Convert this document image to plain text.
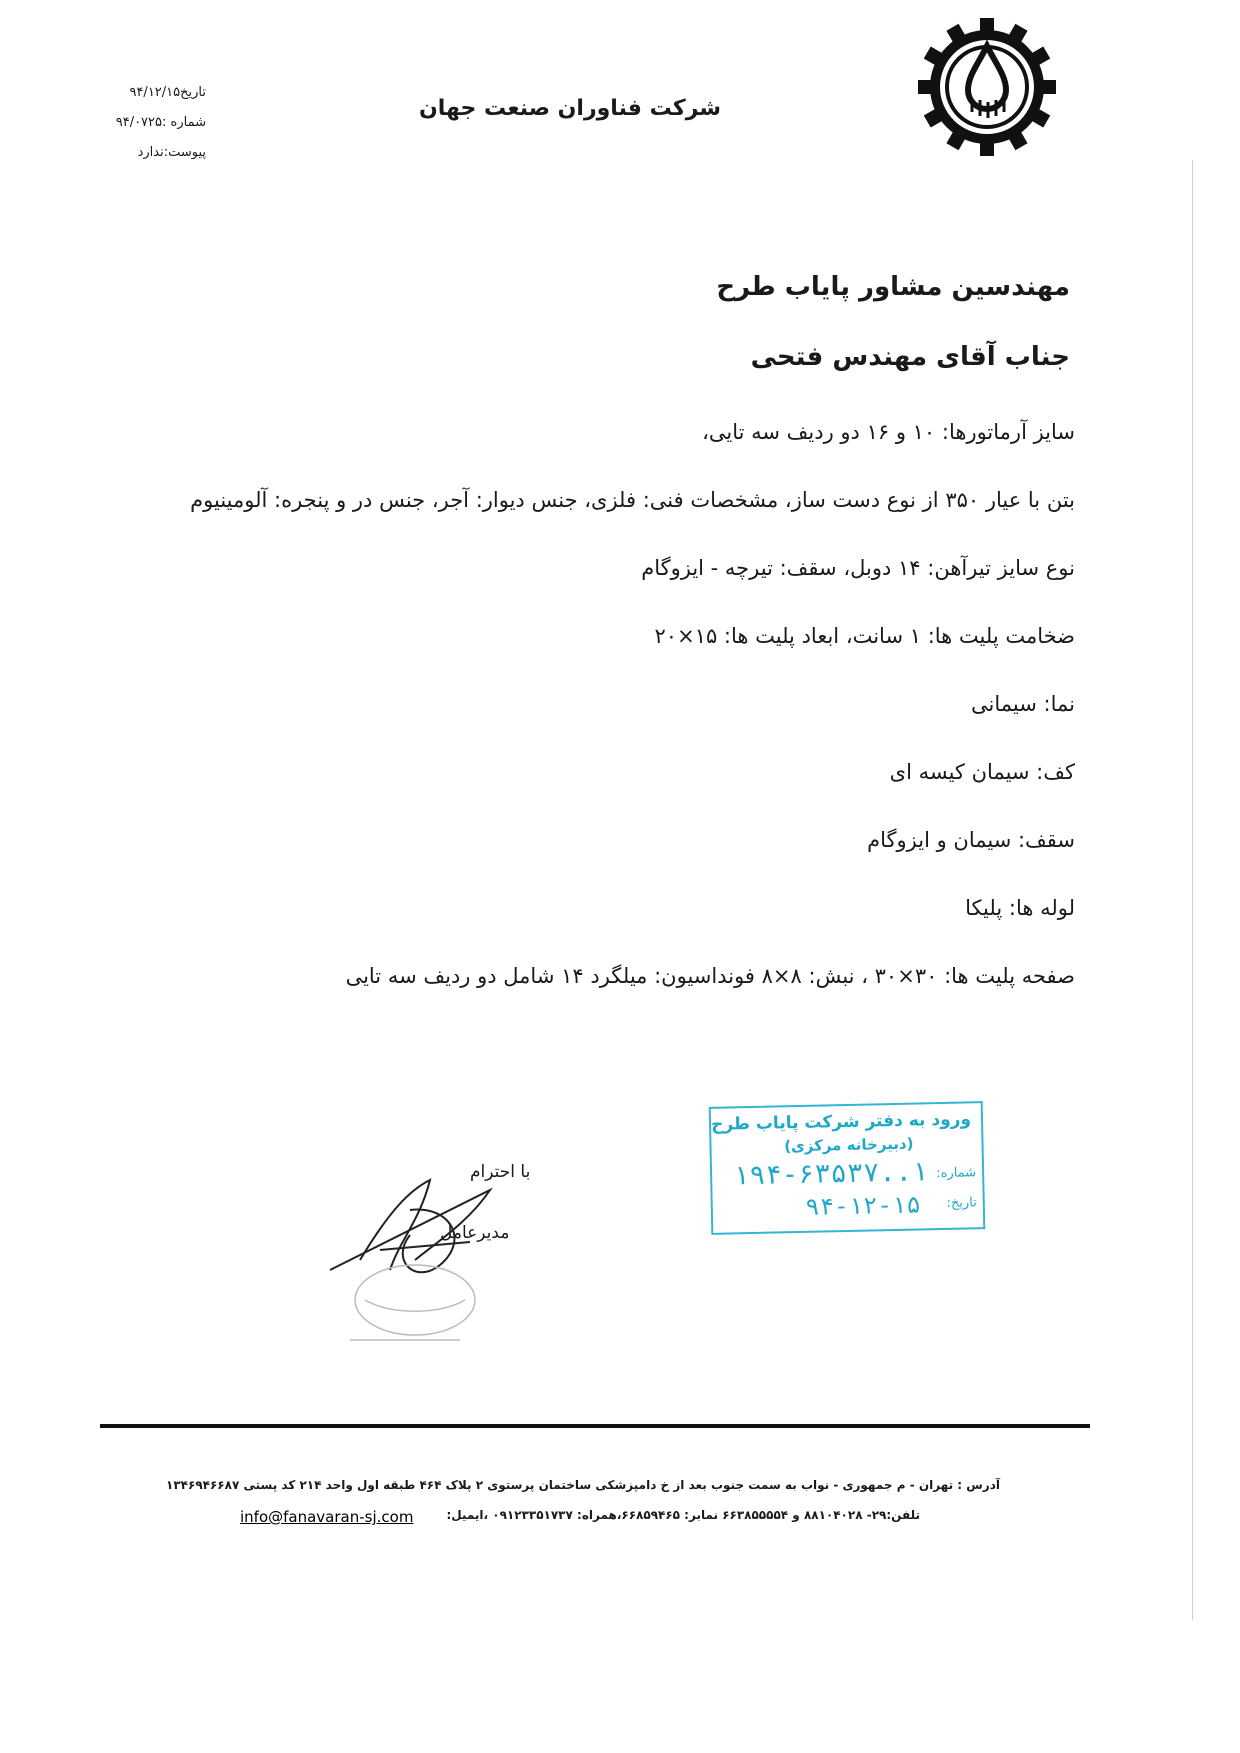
شرکت فناوران صنعت جهان
تاریخ۹۴/۱۲/۱۵
شماره :۹۴/۰۷۲۵
پیوست:ندارد
مهندسین مشاور پایاب طرح
جناب آقای مهندس فتحی
سایز آرماتورها: ۱۰ و ۱۶ دو ردیف سه تایی،
بتن با عیار ۳۵۰ از نوع دست ساز، مشخصات فنی: فلزی، جنس دیوار: آجر، جنس در و پنجره: آلومینیوم
نوع سایز تیرآهن: ۱۴ دوبل، سقف: تیرچه - ایزوگام
ضخامت پلیت ها: ۱ سانت، ابعاد پلیت ها: ۱۵×۲۰
نما: سیمانی
کف: سیمان کیسه ای
سقف: سیمان و ایزوگام
لوله ها: پلیکا
صفحه پلیت ها: ۳۰×۳۰ ، نبش: ۸×۸ فونداسیون: میلگرد ۱۴ شامل دو ردیف سه تایی
با احترام
مدیرعامل
ورود به دفتر شرکت پایاب طرح
(دبیرخانه مرکزی)
شماره:
۱..۱۹۴-۶۳۵۳۷
تاریخ:
۹۴-۱۲-۱۵
آدرس : تهران - م جمهوری - نواب به سمت جنوب بعد از خ دامپزشکی ساختمان پرستوی ۲ پلاک ۴۶۴ طبقه اول واحد ۲۱۴ کد پستی ۱۳۴۶۹۴۶۶۸۷
تلفن:۲۹- ۸۸۱۰۴۰۲۸ و ۶۶۳۸۵۵۵۵۴ نمابر: ۶۶۸۵۹۴۶۵،همراه: ۰۹۱۲۳۳۵۱۷۳۷ ،ایمیل:
info@fanavaran-sj.com
